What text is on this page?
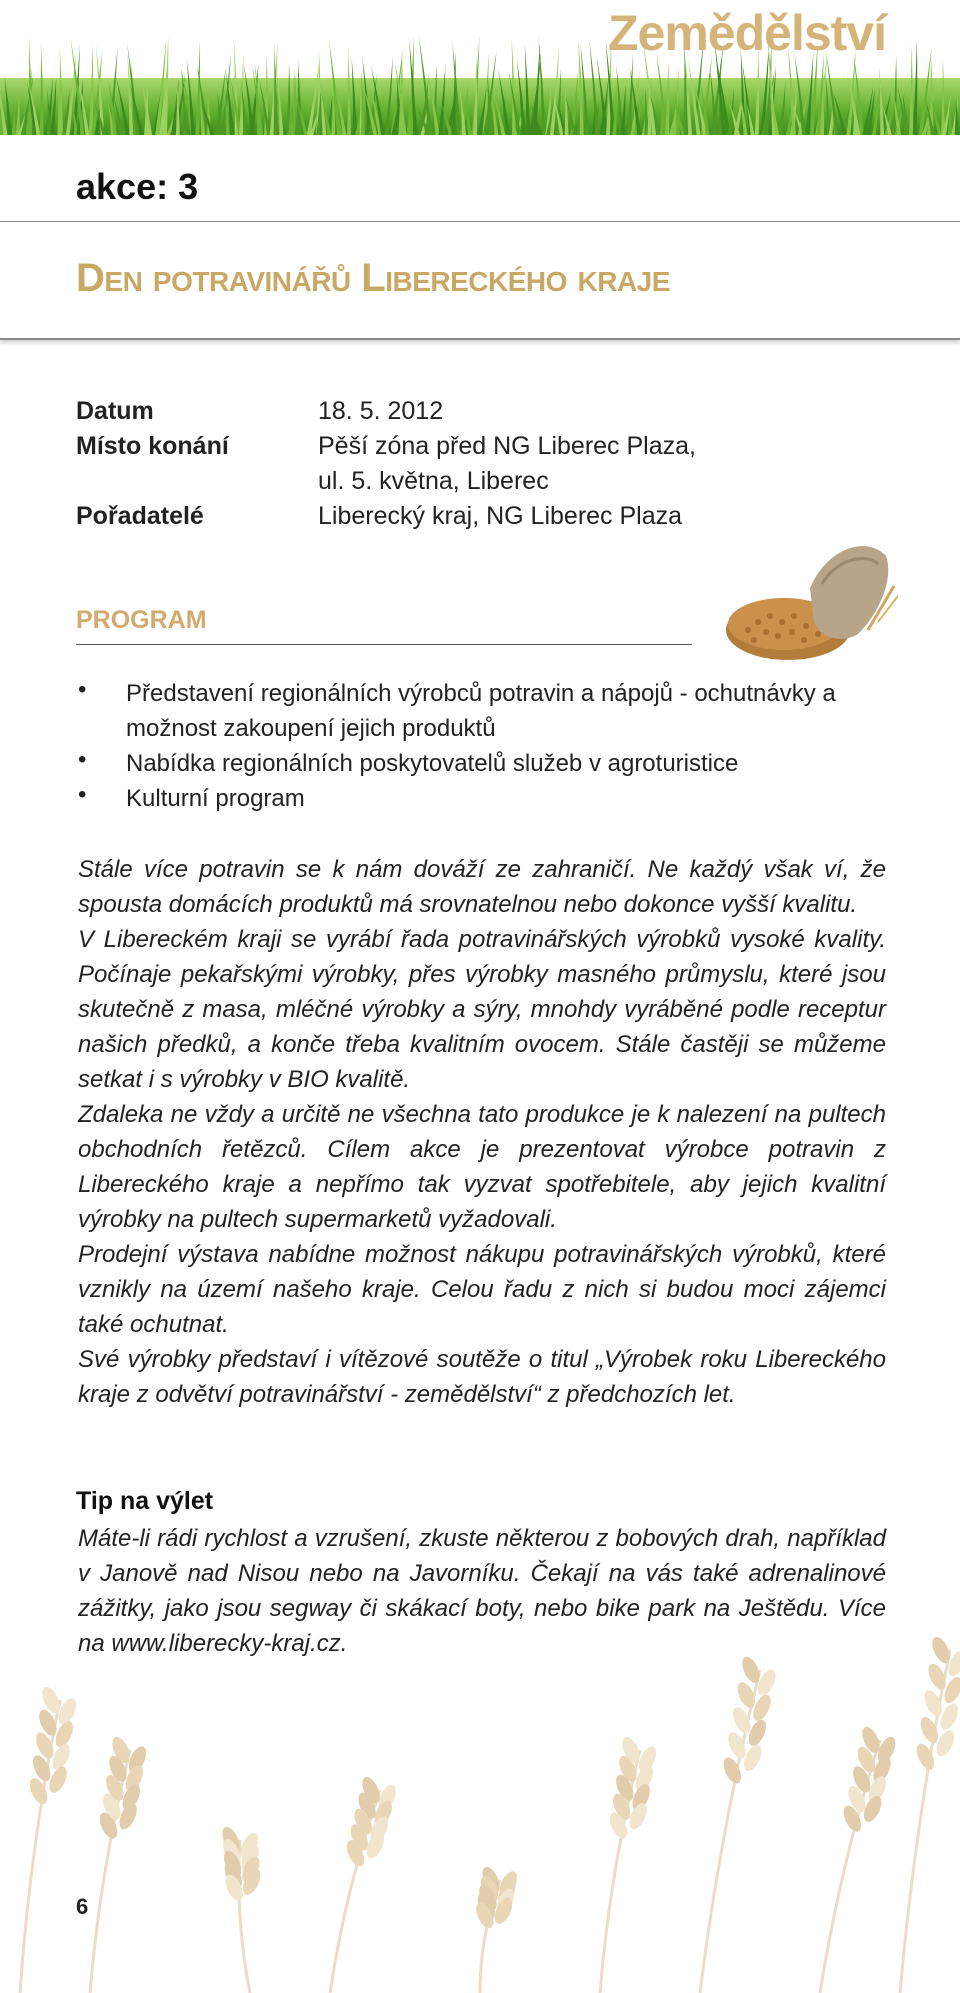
Zemědělství
akce: 3
Den potravinářů Libereckého kraje
Datum	18. 5. 2012
Místo konání	Pěší zóna před NG Liberec Plaza,
ul. 5. května, Liberec
Pořadatelé	Liberecký kraj, NG Liberec Plaza
PROGRAM
• Představení regionálních výrobců potravin a nápojů - ochutnávky a možnost zakoupení jejich produktů
• Nabídka regionálních poskytovatelů služeb v agroturistice
• Kulturní program

Stále více potravin se k nám dováží ze zahraničí. Ne každý však ví, že spousta domácích produktů má srovnatelnou nebo dokonce vyšší kvalitu.

V Libereckém kraji se vyrábí řada potravinářských výrobků vysoké kvality. Počínaje pekařskými výrobky, přes výrobky masného průmyslu, které jsou skutečně z masa, mléčné výrobky a sýry, mnohdy vyráběné podle receptur našich předků, a konče třeba kvalitním ovocem. Stále častěji se můžeme setkat i s výrobky v BIO kvalitě.

Zdaleka ne vždy a určitě ne všechna tato produkce je k nalezení na pultech obchodních řetězců. Cílem akce je prezentovat výrobce potravin z Libereckého kraje a nepřímo tak vyzvat spotřebitele, aby jejich kvalitní výrobky na pultech supermarketů vyžadovali.

Prodejní výstava nabídne možnost nákupu potravinářských výrobků, které vznikly na území našeho kraje. Celou řadu z nich si budou moci zájemci také ochutnat.

Své výrobky představí i vítězové soutěže o titul „Výrobek roku Libereckého kraje z odvětví potravinářství - zemědělství“ z předchozích let.

Tip na výlet
Máte-li rádi rychlost a vzrušení, zkuste některou z bobových drah, například v Janově nad Nisou nebo na Javorníku. Čekají na vás také adrenalinové zážitky, jako jsou segway či skákací boty, nebo bike park na Ještědu. Více na www.liberecky-kraj.cz.
6
